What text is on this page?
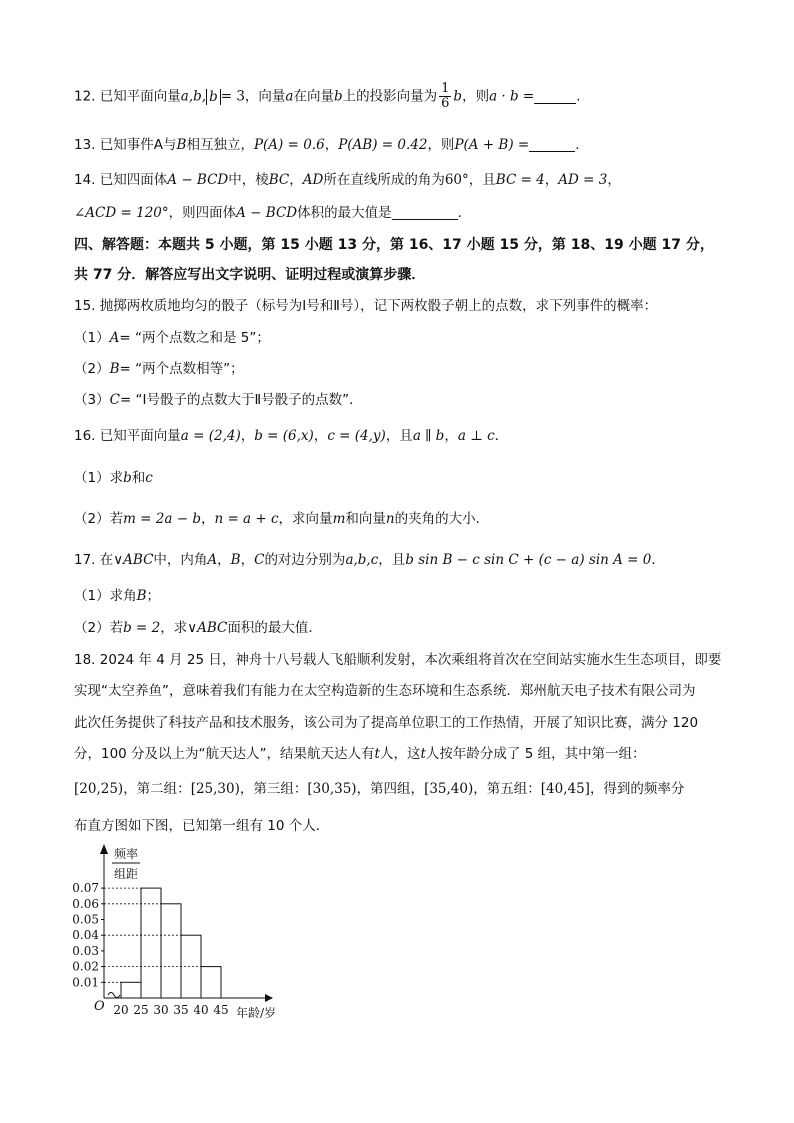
12. 已知平面向量a,b, b = 3，向量a在向量b上的投影向量为 $\frac{1}{6}$ b，则a · b =	.
13. 已知事件A与B相互独立，P(A) = 0.6，P(AB) = 0.42，则P(A + B) =	.
14. 已知四面体A − BCD中，棱BC，AD所在直线所成的角为60°，且BC = 4，AD = 3，
∠ACD = 120°，则四面体A − BCD体积的最大值是	.
四、解答题：本题共 5 小题，第 15 小题 13 分，第 16、17 小题 15 分，第 18、19 小题 17 分，
共 77 分．解答应写出文字说明、证明过程或演算步骤．
15. 抛掷两枚质地均匀的骰子（标号为Ⅰ号和Ⅱ号），记下两枚骰子朝上的点数，求下列事件的概率：
（1）A= “两个点数之和是 5”；
（2）B= “两个点数相等”；
（3）C= “Ⅰ号骰子的点数大于Ⅱ号骰子的点数”．
16. 已知平面向量a = (2,4)，b = (6,x)，c = (4,y)，且a ∥ b，a ⊥ c．
（1）求b和c
（2）若m = 2a − b，n = a + c，求向量m和向量n的夹角的大小．
17. 在∨ABC中，内角A，B，C的对边分别为a,b,c，且b sin B − c sin C + (c − a) sin A = 0．
（1）求角B；
（2）若b = 2，求∨ABC面积的最大值．
18. 2024 年 4 月 25 日，神舟十八号载人飞船顺利发射，本次乘组将首次在空间站实施水生生态项目，即要
实现“太空养鱼”，意味着我们有能力在太空构造新的生态环境和生态系统．郑州航天电子技术有限公司为
此次任务提供了科技产品和技术服务，该公司为了提高单位职工的工作热情，开展了知识比赛，满分 120
分，100 分及以上为“航天达人”，结果航天达人有t人，这t人按年龄分成了 5 组，其中第一组：
[20,25)，第二组：[25,30)，第三组：[30,35)，第四组，[35,40)，第五组：[40,45]，得到的频率分
布直方图如下图，已知第一组有 10 个人．
0.01
0.02
0.03
0.04
0.05
0.06
0.07
20 25 30 35 40 45
O	年龄/岁
频率
组距
